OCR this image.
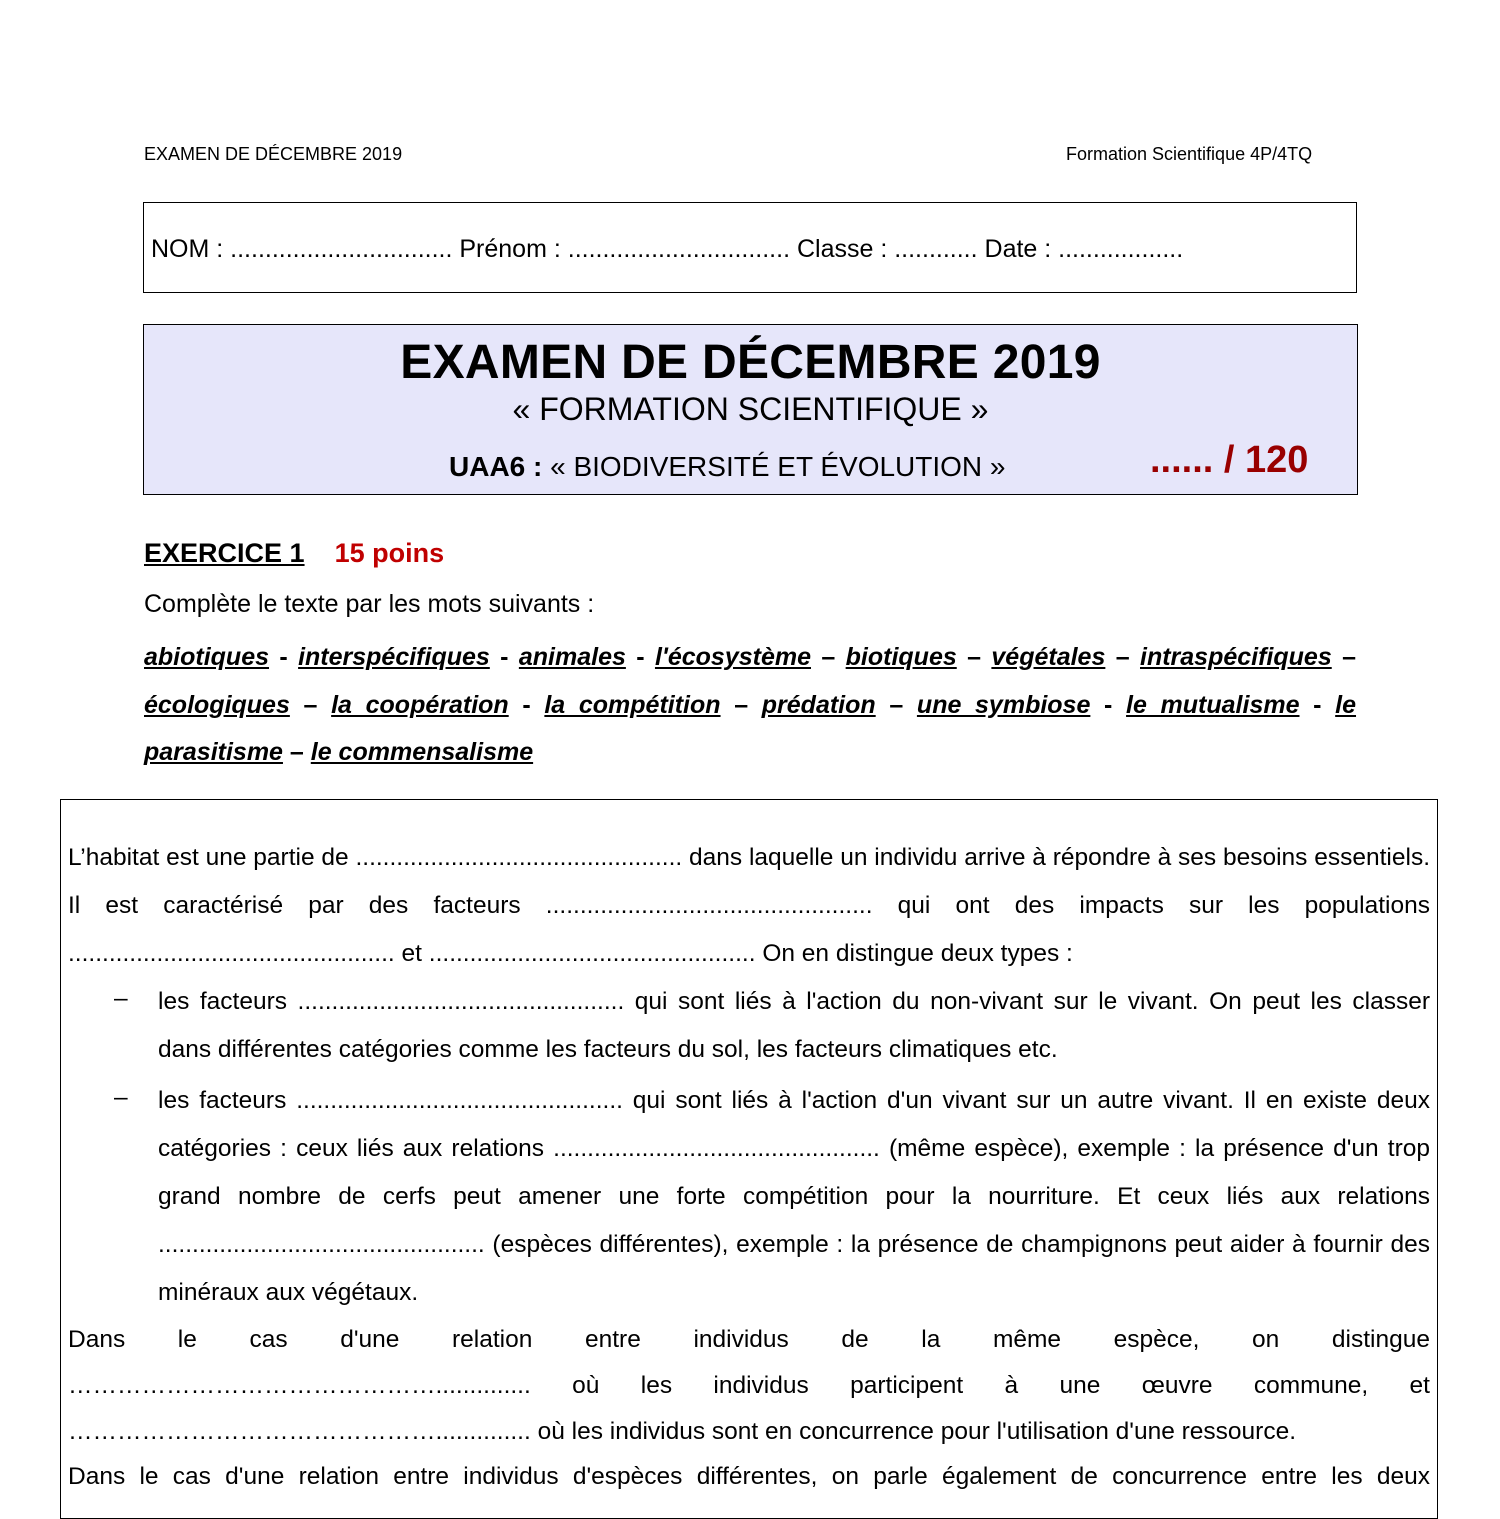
EXAMEN DE DÉCEMBRE 2019	Formation Scientifique 4P/4TQ
NOM : ................................ Prénom : ................................ Classe : ............ Date : ..................
EXAMEN DE DÉCEMBRE 2019
« FORMATION SCIENTIFIQUE »
UAA6 : « BIODIVERSITÉ ET ÉVOLUTION »	...... / 120
EXERCICE 1 15 poins
Complète le texte par les mots suivants :
abiotiques - interspécifiques - animales - l'écosystème – biotiques – végétales – intraspécifiques – écologiques – la coopération - la compétition – prédation – une symbiose - le mutualisme - le parasitisme – le commensalisme
L’habitat est une partie de ................................................ dans laquelle un individu arrive à répondre à ses besoins essentiels. Il est caractérisé par des facteurs ................................................ qui ont des impacts sur les populations ................................................ et ................................................ On en distingue deux types :
– les facteurs ................................................ qui sont liés à l'action du non-vivant sur le vivant. On peut les classer dans différentes catégories comme les facteurs du sol, les facteurs climatiques etc.
– les facteurs ................................................ qui sont liés à l'action d'un vivant sur un autre vivant. Il en existe deux catégories : ceux liés aux relations ................................................ (même espèce), exemple : la présence d'un trop grand nombre de cerfs peut amener une forte compétition pour la nourriture. Et ceux liés aux relations ................................................ (espèces différentes), exemple : la présence de champignons peut aider à fournir des minéraux aux végétaux.
Dans le cas d'une relation entre individus de la même espèce, on distingue
……………………………………….............. où les individus participent à une œuvre commune, et
……………………………………….............. où les individus sont en concurrence pour l'utilisation d'une ressource.
Dans le cas d'une relation entre individus d'espèces différentes, on parle également de concurrence entre les deux
